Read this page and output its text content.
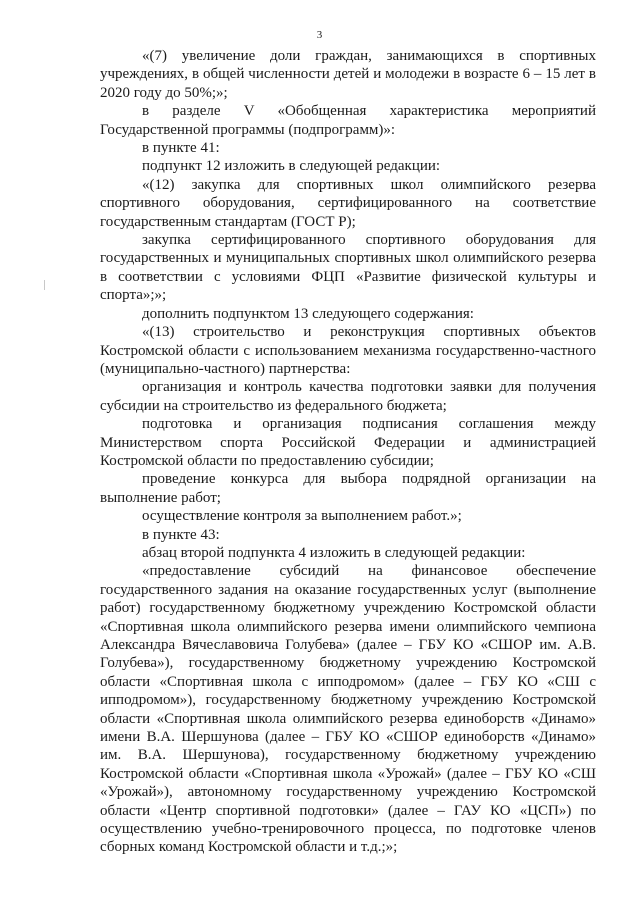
3

«(7) увеличение доли граждан, занимающихся в спортивных учреждениях, в общей численности детей и молодежи в возрасте 6 – 15 лет в 2020 году до 50%;»;

в разделе V «Обобщенная характеристика мероприятий Государственной программы (подпрограмм)»:

в пункте 41:

подпункт 12 изложить в следующей редакции:

«(12) закупка для спортивных школ олимпийского резерва спортивного оборудования, сертифицированного на соответствие государственным стандартам (ГОСТ Р);

закупка сертифицированного спортивного оборудования для государственных и муниципальных спортивных школ олимпийского резерва в соответствии с условиями ФЦП «Развитие физической культуры и спорта»;»;

дополнить подпунктом 13 следующего содержания:

«(13) строительство и реконструкция спортивных объектов Костромской области с использованием механизма государственно-частного (муниципально-частного) партнерства:

организация и контроль качества подготовки заявки для получения субсидии на строительство из федерального бюджета;

подготовка и организация подписания соглашения между Министерством спорта Российской Федерации и администрацией Костромской области по предоставлению субсидии;

проведение конкурса для выбора подрядной организации на выполнение работ;

осуществление контроля за выполнением работ.»;

в пункте 43:

абзац второй подпункта 4 изложить в следующей редакции:

«предоставление субсидий на финансовое обеспечение государственного задания на оказание государственных услуг (выполнение работ) государственному бюджетному учреждению Костромской области «Спортивная школа олимпийского резерва имени олимпийского чемпиона Александра Вячеславовича Голубева» (далее – ГБУ КО «СШОР им. А.В. Голубева»), государственному бюджетному учреждению Костромской области «Спортивная школа с ипподромом» (далее – ГБУ КО «СШ с ипподромом»), государственному бюджетному учреждению Костромской области «Спортивная школа олимпийского резерва единоборств «Динамо» имени В.А. Шершунова (далее – ГБУ КО «СШОР единоборств «Динамо» им. В.А. Шершунова), государственному бюджетному учреждению Костромской области «Спортивная школа «Урожай» (далее – ГБУ КО «СШ «Урожай»), автономному государственному учреждению Костромской области «Центр спортивной подготовки» (далее – ГАУ КО «ЦСП») по осуществлению учебно-тренировочного процесса, по подготовке членов сборных команд Костромской области и т.д.;»;
